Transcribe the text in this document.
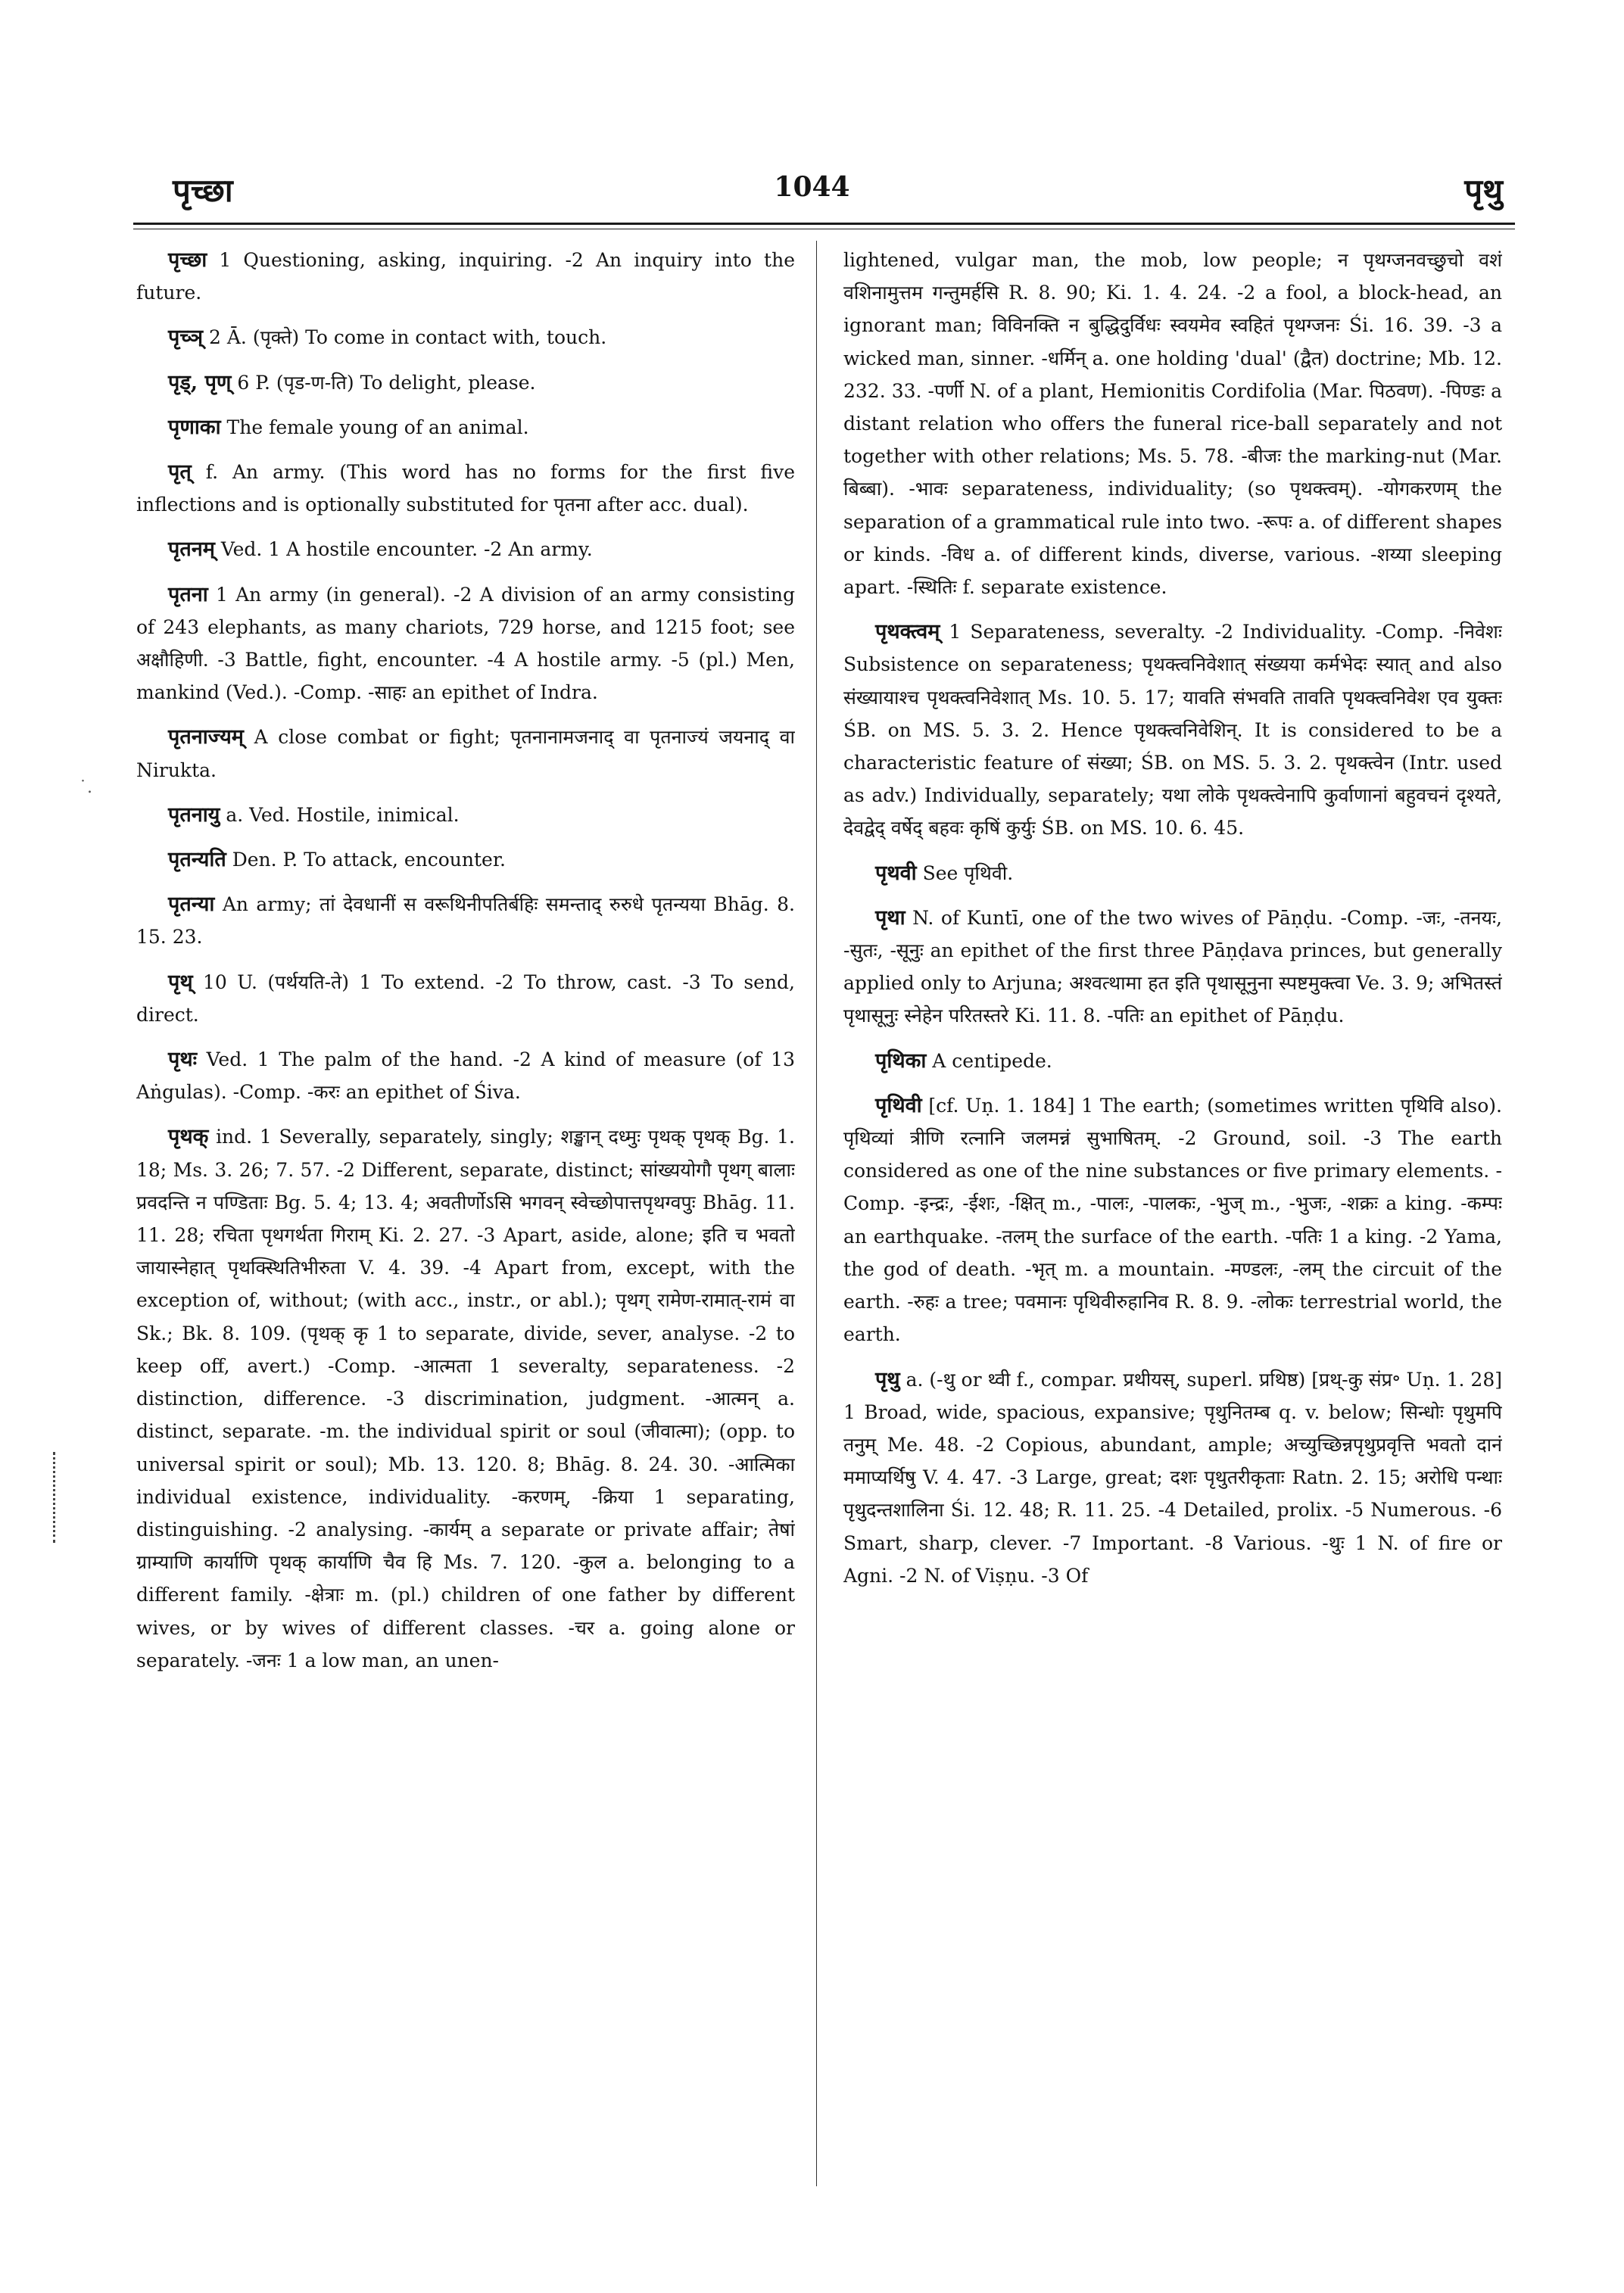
पृच्छा	1044	पृथु
˙.

पृच्छा 1 Questioning, asking, inquiring. -2 An inquiry into the future.

पृच्ञ् 2 Ā. (पृक्ते) To come in contact with, touch.

पृड्, पृण् 6 P. (पृड-ण-ति) To delight, please.

पृणाका The female young of an animal.

पृत् f. An army. (This word has no forms for the first five inflections and is optionally substituted for पृतना after acc. dual).

पृतनम् Ved. 1 A hostile encounter. -2 An army.

पृतना 1 An army (in general). -2 A division of an army consisting of 243 elephants, as many chariots, 729 horse, and 1215 foot; see अक्षौहिणी. -3 Battle, fight, encounter. -4 A hostile army. -5 (pl.) Men, mankind (Ved.). -Comp. -साहः an epithet of Indra.

पृतनाज्यम् A close combat or fight; पृतनानामजनाद् वा पृतनाज्यं जयनाद् वा Nirukta.

पृतनायु a. Ved. Hostile, inimical.

पृतन्यति Den. P. To attack, encounter.

पृतन्या An army; तां देवधानीं स वरूथिनीपतिर्बहिः समन्ताद् रुरुधे पृतन्यया Bhāg. 8. 15. 23.

पृथ् 10 U. (पर्थयति-ते) 1 To extend. -2 To throw, cast. -3 To send, direct.

पृथः Ved. 1 The palm of the hand. -2 A kind of measure (of 13 Aṅgulas). -Comp. -करः an epithet of Śiva.

पृथक् ind. 1 Severally, separately, singly; शङ्खान् दध्मुः पृथक् पृथक् Bg. 1. 18; Ms. 3. 26; 7. 57. -2 Different, separate, distinct; सांख्ययोगौ पृथग् बालाः प्रवदन्ति न पण्डिताः Bg. 5. 4; 13. 4; अवतीर्णोऽसि भगवन् स्वेच्छोपात्तपृथग्वपुः Bhāg. 11. 11. 28; रचिता पृथगर्थता गिराम् Ki. 2. 27. -3 Apart, aside, alone; इति च भवतो जायास्नेहात् पृथक्स्थितिभीरुता V. 4. 39. -4 Apart from, except, with the exception of, without; (with acc., instr., or abl.); पृथग् रामेण-रामात्-रामं वा Sk.; Bk. 8. 109. (पृथक् कृ 1 to separate, divide, sever, analyse. -2 to keep off, avert.) -Comp. -आत्मता 1 severalty, separateness. -2 distinction, difference. -3 discrimination, judgment. -आत्मन् a. distinct, separate. -m. the individual spirit or soul (जीवात्मा); (opp. to universal spirit or soul); Mb. 13. 120. 8; Bhāg. 8. 24. 30. -आत्मिका individual existence, individuality. -करणम्, -क्रिया 1 separating, distinguishing. -2 analysing. -कार्यम् a separate or private affair; तेषां ग्राम्याणि कार्याणि पृथक् कार्याणि चैव हि Ms. 7. 120. -कुल a. belonging to a different family. -क्षेत्राः m. (pl.) children of one father by different wives, or by wives of different classes. -चर a. going alone or separately. -जनः 1 a low man, an unen-

lightened, vulgar man, the mob, low people; न पृथग्जनवच्छुचो वशं वशिनामुत्तम गन्तुमर्हसि R. 8. 90; Ki. 1. 4. 24. -2 a fool, a block-head, an ignorant man; विविनक्ति न बुद्धिदुर्विधः स्वयमेव स्वहितं पृथग्जनः Śi. 16. 39. -3 a wicked man, sinner. -धर्मिन् a. one holding 'dual' (द्वैत) doctrine; Mb. 12. 232. 33. -पर्णी N. of a plant, Hemionitis Cordifolia (Mar. पिठवण). -पिण्डः a distant relation who offers the funeral rice-ball separately and not together with other relations; Ms. 5. 78. -बीजः the marking-nut (Mar. बिब्बा). -भावः separateness, individuality; (so पृथक्त्वम्). -योगकरणम् the separation of a grammatical rule into two. -रूपः a. of different shapes or kinds. -विध a. of different kinds, diverse, various. -शय्या sleeping apart. -स्थितिः f. separate existence.

पृथक्त्वम् 1 Separateness, severalty. -2 Individuality. -Comp. -निवेशः Subsistence on separateness; पृथक्त्वनिवेशात् संख्यया कर्मभेदः स्यात् and also संख्यायाश्च पृथक्त्वनिवेशात् Ms. 10. 5. 17; यावति संभवति तावति पृथक्त्वनिवेश एव युक्तः ŚB. on MS. 5. 3. 2. Hence पृथक्त्वनिवेशिन्. It is considered to be a characteristic feature of संख्या; ŚB. on MS. 5. 3. 2. पृथक्त्वेन (Intr. used as adv.) Individually, separately; यथा लोके पृथक्त्वेनापि कुर्वाणानां बहुवचनं दृश्यते, देवद्वेद् वर्षेद् बहवः कृषिं कुर्युः ŚB. on MS. 10. 6. 45.

पृथवी See पृथिवी.

पृथा N. of Kuntī, one of the two wives of Pāṇḍu. -Comp. -जः, -तनयः, -सुतः, -सूनुः an epithet of the first three Pāṇḍava princes, but generally applied only to Arjuna; अश्वत्थामा हत इति पृथासूनुना स्पष्टमुक्त्वा Ve. 3. 9; अभितस्तं पृथासूनुः स्नेहेन परितस्तरे Ki. 11. 8. -पतिः an epithet of Pāṇḍu.

पृथिका A centipede.

पृथिवी [cf. Uṇ. 1. 184] 1 The earth; (sometimes written पृथिवि also). पृथिव्यां त्रीणि रत्नानि जलमन्नं सुभाषितम्. -2 Ground, soil. -3 The earth considered as one of the nine substances or five primary elements. -Comp. -इन्द्रः, -ईशः, -क्षित् m., -पालः, -पालकः, -भुज् m., -भुजः, -शक्रः a king. -कम्पः an earthquake. -तलम् the surface of the earth. -पतिः 1 a king. -2 Yama, the god of death. -भृत् m. a mountain. -मण्डलः, -लम् the circuit of the earth. -रुहः a tree; पवमानः पृथिवीरुहानिव R. 8. 9. -लोकः terrestrial world, the earth.

पृथु a. (-थु or थ्वी f., compar. प्रथीयस्, superl. प्रथिष्ठ) [प्रथ्-कु संप्र॰ Uṇ. 1. 28] 1 Broad, wide, spacious, expansive; पृथुनितम्ब q. v. below; सिन्धोः पृथुमपि तनुम् Me. 48. -2 Copious, abundant, ample; अच्युच्छिन्नपृथुप्रवृत्ति भवतो दानं ममाप्यर्थिषु V. 4. 47. -3 Large, great; दशः पृथुतरीकृताः Ratn. 2. 15; अरोधि पन्थाः पृथुदन्तशालिना Śi. 12. 48; R. 11. 25. -4 Detailed, prolix. -5 Numerous. -6 Smart, sharp, clever. -7 Important. -8 Various. -थुः 1 N. of fire or Agni. -2 N. of Viṣṇu. -3 Of
